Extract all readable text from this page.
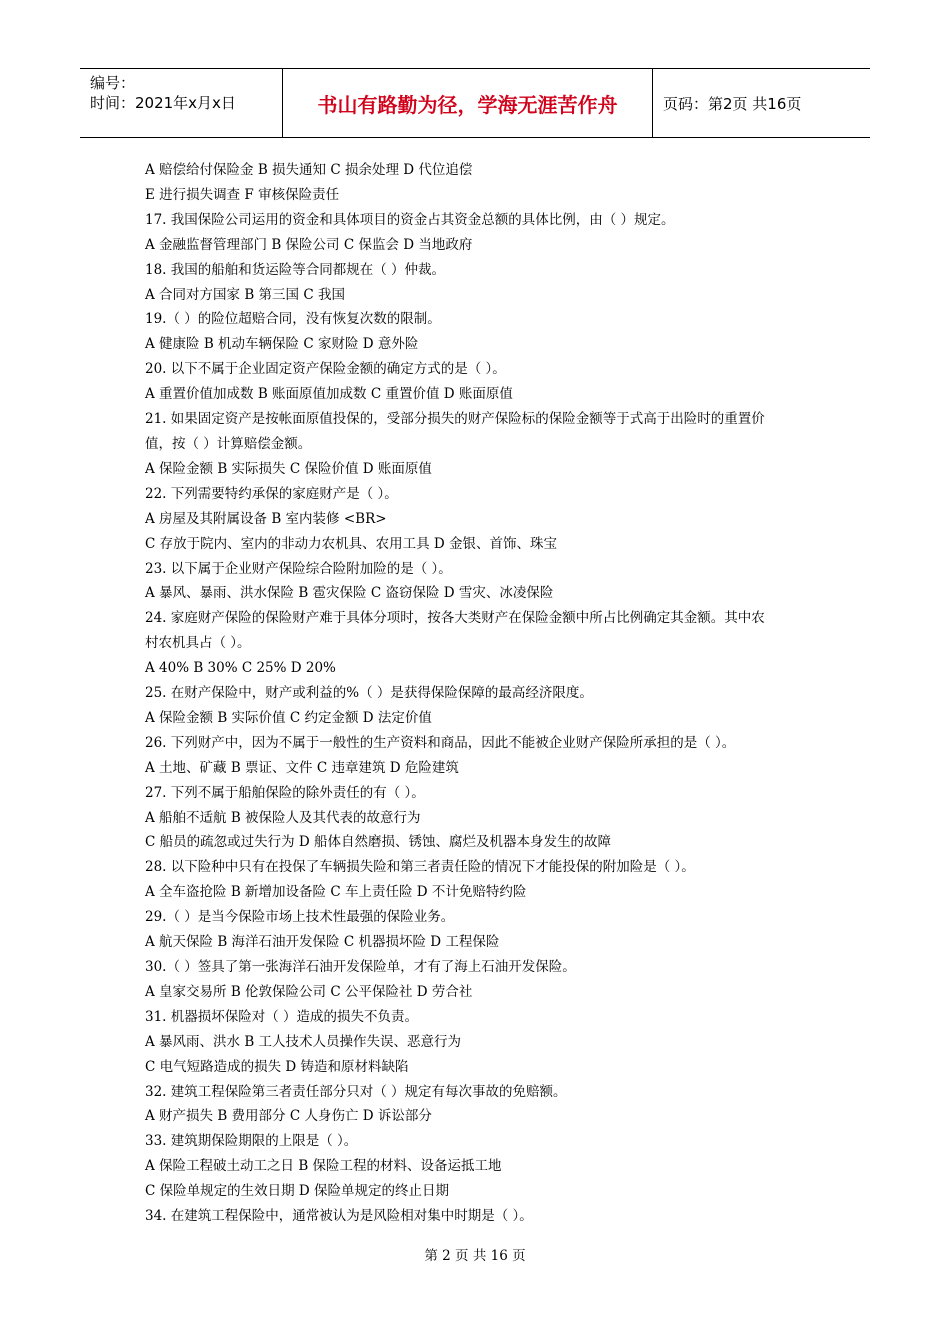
编号：
时间：2021年x月x日	书山有路勤为径，学海无涯苦作舟	页码：第2页 共16页
A 赔偿给付保险金 B 损失通知 C 损余处理 D 代位追偿
E 进行损失调查 F 审核保险责任
17. 我国保险公司运用的资金和具体项目的资金占其资金总额的具体比例，由（ ）规定。
A 金融监督管理部门 B 保险公司 C 保监会 D 当地政府
18. 我国的船舶和货运险等合同都规在（ ）仲裁。
A 合同对方国家 B 第三国 C 我国
19.（ ）的险位超赔合同，没有恢复次数的限制。
A 健康险 B 机动车辆保险 C 家财险 D 意外险
20. 以下不属于企业固定资产保险金额的确定方式的是（ ）。
A 重置价值加成数 B 账面原值加成数 C 重置价值 D 账面原值
21. 如果固定资产是按帐面原值投保的，受部分损失的财产保险标的保险金额等于式高于出险时的重置价
值，按（ ）计算赔偿金额。
A 保险金额 B 实际损失 C 保险价值 D 账面原值
22. 下列需要特约承保的家庭财产是（ ）。
A 房屋及其附属设备 B 室内装修 <BR>
C 存放于院内、室内的非动力农机具、农用工具 D 金银、首饰、珠宝
23. 以下属于企业财产保险综合险附加险的是（ ）。
A 暴风、暴雨、洪水保险 B 雹灾保险 C 盗窃保险 D 雪灾、冰凌保险
24. 家庭财产保险的保险财产难于具体分项时，按各大类财产在保险金额中所占比例确定其金额。其中农
村农机具占（ ）。
A 40% B 30% C 25% D 20%
25. 在财产保险中，财产或利益的%（ ）是获得保险保障的最高经济限度。
A 保险金额 B 实际价值 C 约定金额 D 法定价值
26. 下列财产中，因为不属于一般性的生产资料和商品，因此不能被企业财产保险所承担的是（ ）。
A 土地、矿藏 B 票证、文件 C 违章建筑 D 危险建筑
27. 下列不属于船舶保险的除外责任的有（ ）。
A 船舶不适航 B 被保险人及其代表的故意行为
C 船员的疏忽或过失行为 D 船体自然磨损、锈蚀、腐烂及机器本身发生的故障
28. 以下险种中只有在投保了车辆损失险和第三者责任险的情况下才能投保的附加险是（ ）。
A 全车盗抢险 B 新增加设备险 C 车上责任险 D 不计免赔特约险
29.（ ）是当今保险市场上技术性最强的保险业务。
A 航天保险 B 海洋石油开发保险 C 机器损坏险 D 工程保险
30.（ ）签具了第一张海洋石油开发保险单，才有了海上石油开发保险。
A 皇家交易所 B 伦敦保险公司 C 公平保险社 D 劳合社
31. 机器损坏保险对（ ）造成的损失不负责。
A 暴风雨、洪水 B 工人技术人员操作失误、恶意行为
C 电气短路造成的损失 D 铸造和原材料缺陷
32. 建筑工程保险第三者责任部分只对（ ）规定有每次事故的免赔额。
A 财产损失 B 费用部分 C 人身伤亡 D 诉讼部分
33. 建筑期保险期限的上限是（ ）。
A 保险工程破土动工之日 B 保险工程的材料、设备运抵工地
C 保险单规定的生效日期 D 保险单规定的终止日期
34. 在建筑工程保险中，通常被认为是风险相对集中时期是（ ）。
第 2 页 共 16 页
